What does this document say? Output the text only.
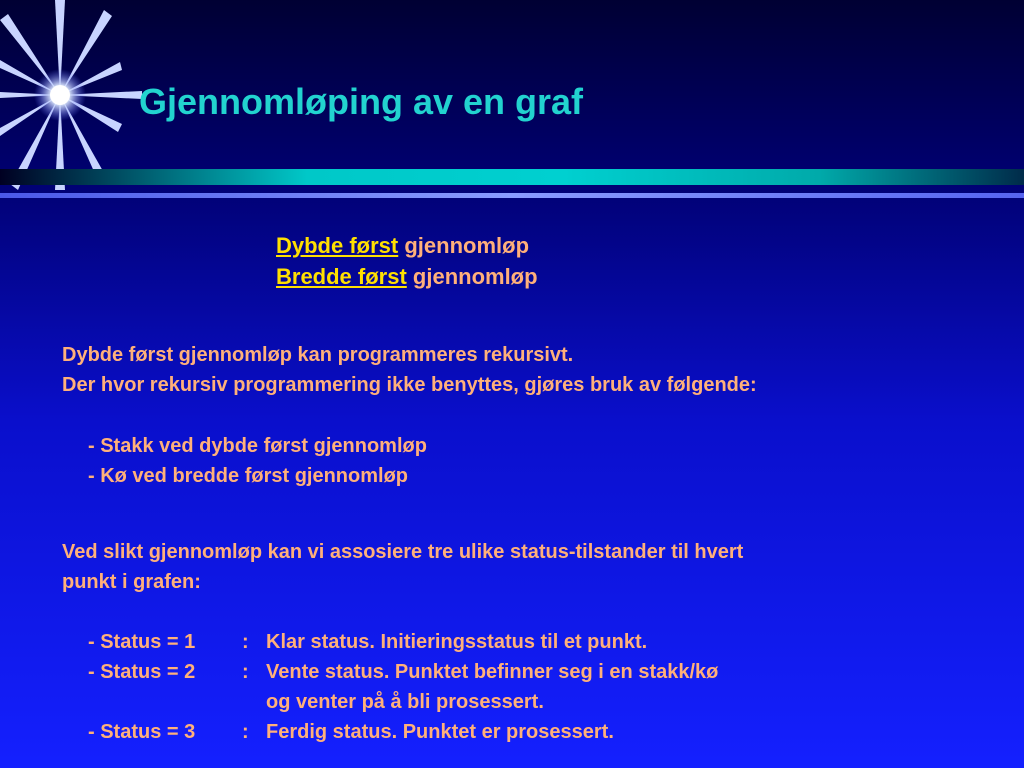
Gjennomløping av en graf
Dybde først gjennomløp
Bredde først gjennomløp
Dybde først gjennomløp kan programmeres rekursivt.
Der hvor rekursiv programmering ikke benyttes, gjøres bruk av følgende:
- Stakk ved dybde først gjennomløp
- Kø ved bredde først gjennomløp
Ved slikt gjennomløp kan vi assosiere tre ulike status-tilstander til hvert
punkt i grafen:
- Status = 1	: Klar status. Initieringsstatus til et punkt.
- Status = 2	: Vente status. Punktet befinner seg i en stakk/kø
og venter på å bli prosessert.
- Status = 3	: Ferdig status. Punktet er prosessert.
